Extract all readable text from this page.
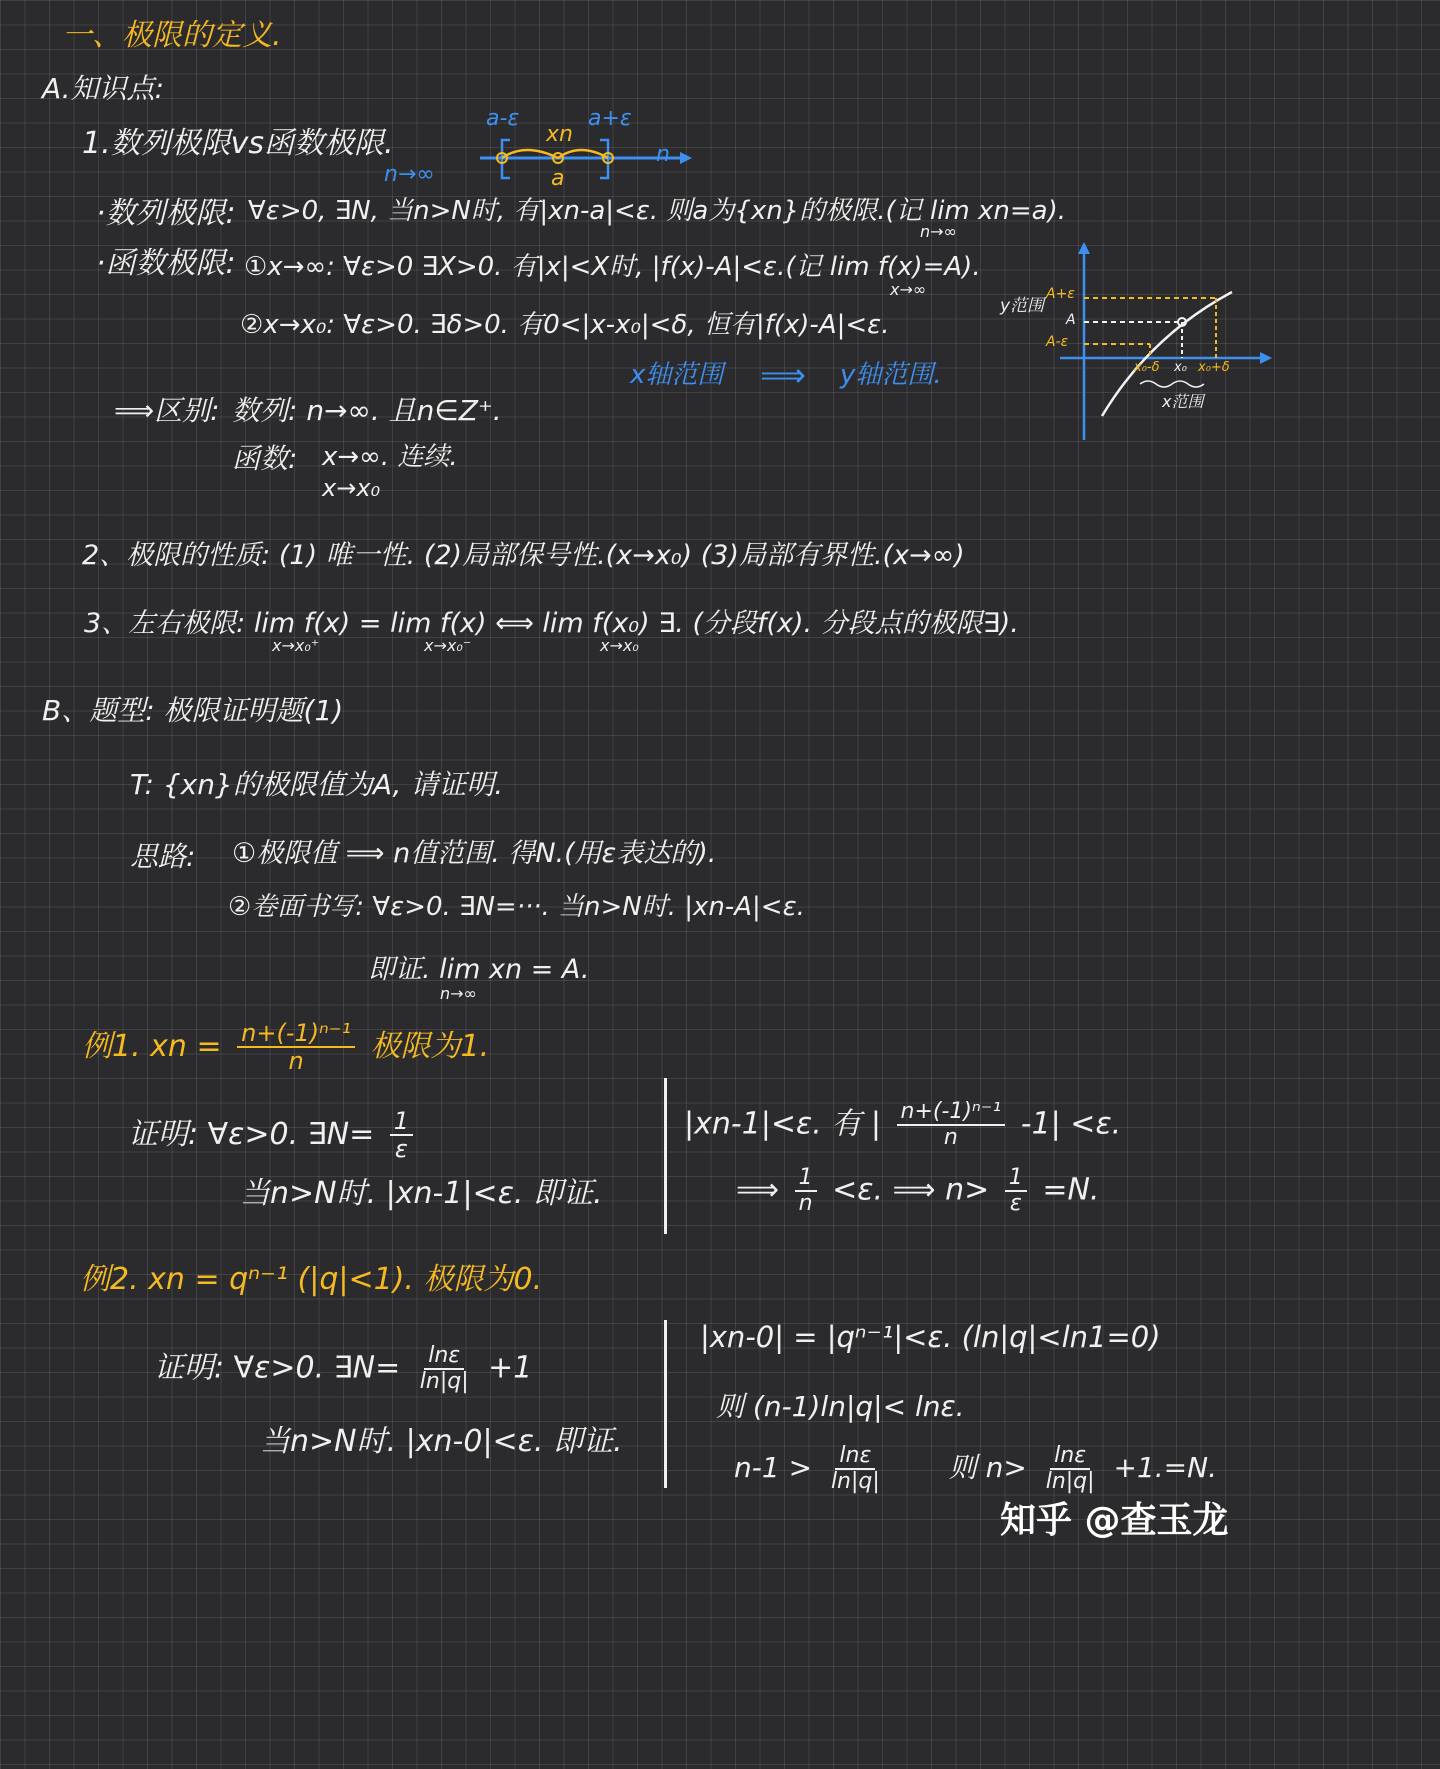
一、极限的定义.
A.知识点:
1.数列极限vs函数极限.
a-ε	a+ε
xn
a
n
n→∞
·数列极限: ∀ε>0, ∃N, 当n>N时, 有|xn-a|<ε. 则a为{xn}的极限.(记 lim xn=a).
n→∞
·函数极限: ①x→∞: ∀ε>0 ∃X>0. 有|x|<X时, |f(x)-A|<ε.(记 lim f(x)=A).
x→∞
②x→x₀: ∀ε>0. ∃δ>0. 有0<|x-x₀|<δ, 恒有|f(x)-A|<ε.
x轴范围 ⟹ y轴范围.
y范围
A+ε
A
A-ε
x₀-δ x₀ x₀+δ
x范围
⟹区别: 数列: n→∞. 且n∈Z⁺.
函数: x→∞. 连续.
x→x₀
2、极限的性质: (1) 唯一性. (2)局部保号性.(x→x₀) (3)局部有界性.(x→∞)
3、左右极限: lim f(x) = lim f(x) ⟺ lim f(x₀) ∃. (分段f(x). 分段点的极限∃).
x→x₀⁺	x→x₀⁻	x→x₀
B、题型: 极限证明题(1)
T: {xn}的极限值为A, 请证明.
思路: ①极限值 ⟹ n值范围. 得N.(用ε表达的).
②卷面书写: ∀ε>0. ∃N=···. 当n>N时. |xn-A|<ε.
即证. lim xn = A.
n→∞
例1. xn = $\frac{\text{n+(-1)ⁿ⁻¹}}{n}$ 极限为1.
证明: ∀ε>0. ∃N= $\frac{1}{\varepsilon}$
当n>N时. |xn-1|<ε. 即证.
|xn-1|<ε. 有 | $\frac{\text{n+(-1)ⁿ⁻¹}}{n} -1| <\varepsilon$.
⟹ $\frac{1}{n} <\varepsilon$. ⟹ $n> \frac{1}{\varepsilon} =N$.
例2. xn = qⁿ⁻¹ (|q|<1). 极限为0.
证明: ∀ε>0. ∃N= $\frac{\ln\varepsilon}{\ln|q|} +1$
当n>N时. |xn-0|<ε. 即证.
|xn-0| = |qⁿ⁻¹|<ε. (ln|q|<ln1=0)
则 (n-1)ln|q|< lnε.
$n-1 > \frac{\ln\varepsilon}{\ln|q|}$ 则 $n> \frac{\ln\varepsilon}{\ln|q|} +1.=N$.
知乎 @查玉龙
